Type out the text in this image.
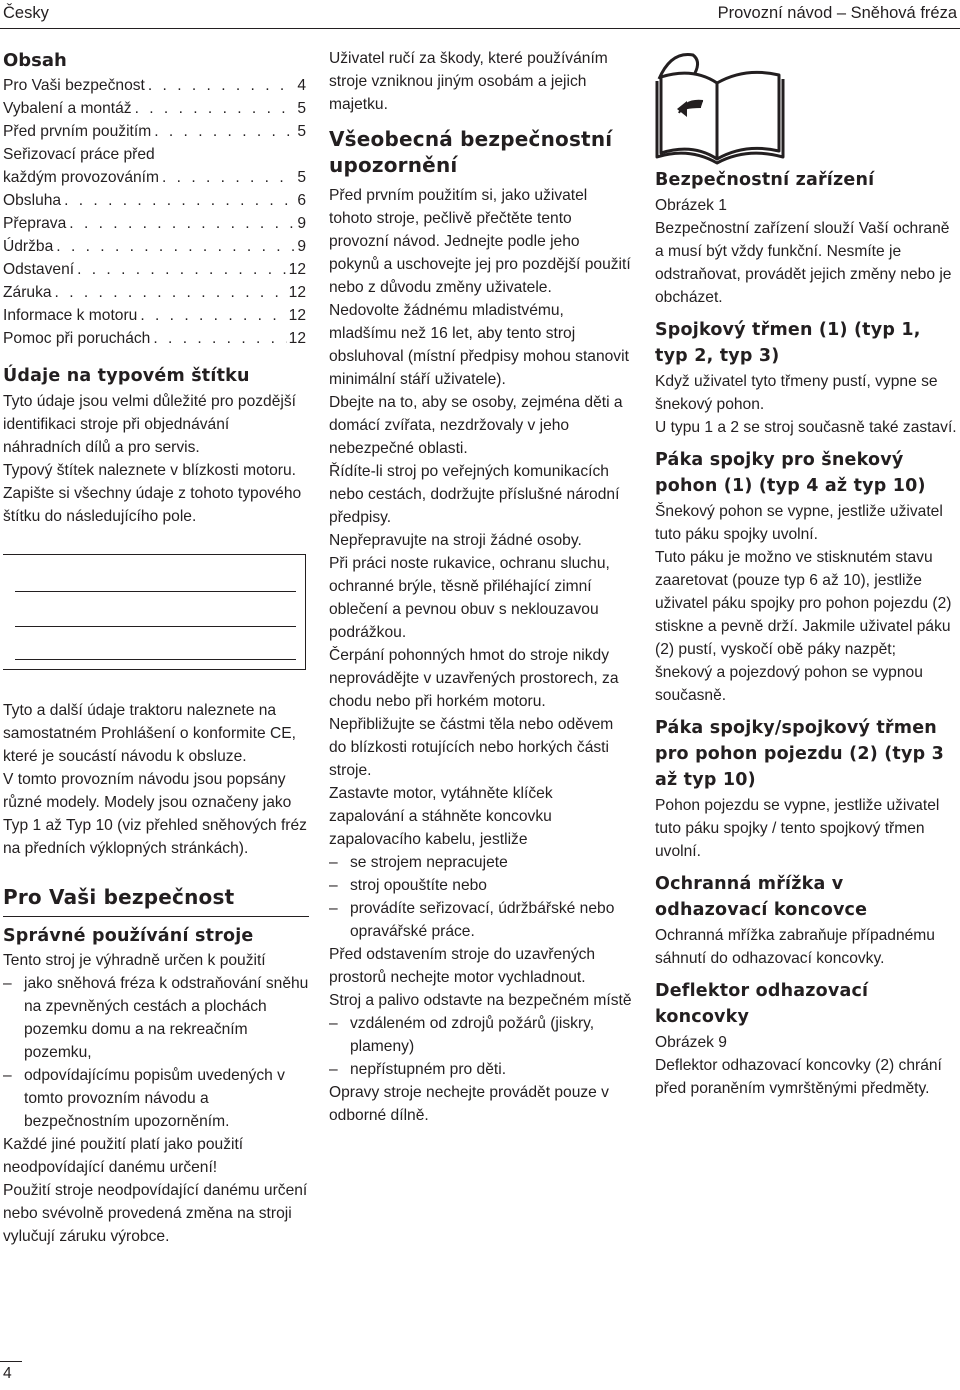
Česky	Provozní návod – Sněhová fréza
Obsah
Pro Vaši bezpečnost . . .	4
Vybalení a montáž . . .	5
Před prvním použitím . . .	5
Seřizovací práce před
každým provozováním . . .	5
Obsluha . . .	6
Přeprava . . .	9
Údržba . . .	9
Odstavení . . .	12
Záruka . . .	12
Informace k motoru . . .	12
Pomoc při poruchách . . .	12
Údaje na typovém štítku

Tyto údaje jsou velmi důležité pro pozdější identifikaci stroje při objednávání náhradních dílů a pro servis.

Typový štítek naleznete v blízkosti motoru.

Zapište si všechny údaje z tohoto typového štítku do následujícího pole.

Tyto a další údaje traktoru naleznete na samostatném Prohlášení o konformite CE, které je soucástí návodu k obsluze.

V tomto provozním návodu jsou popsány různé modely. Modely jsou označeny jako Typ 1 až Typ 10 (viz přehled sněhových fréz na předních výklopných stránkách).

Pro Vaši bezpečnost
Správné používání stroje

Tento stroj je výhradně určen k použití

– jako sněhová fréza k odstraňování sněhu na zpevněných cestách a plochách pozemku domu a na rekreačním pozemku,
– odpovídajícímu popisům uvedených v tomto provozním návodu a bezpečnostním upozorněním.

Každé jiné použití platí jako použití neodpovídající danému určení!

Použití stroje neodpovídající danému určení nebo svévolně provedená změna na stroji vylučují záruku výrobce.

Uživatel ručí za škody, které používáním stroje vzniknou jiným osobám a jejich majetku.

Všeobecná bezpečnostní upozornění

Před prvním použitím si, jako uživatel tohoto stroje, pečlivě přečtěte tento provozní návod. Jednejte podle jeho pokynů a uschovejte jej pro pozdější použití nebo z důvodu změny uživatele.

Nedovolte žádnému mladistvému, mladšímu než 16 let, aby tento stroj obsluhoval (místní předpisy mohou stanovit minimální stáří uživatele).

Dbejte na to, aby se osoby, zejména děti a domácí zvířata, nezdržovaly v jeho nebezpečné oblasti.

Řídíte-li stroj po veřejných komunikacích nebo cestách, dodržujte příslušné národní předpisy.

Nepřepravujte na stroji žádné osoby.

Při práci noste rukavice, ochranu sluchu, ochranné brýle, těsně přiléhající zimní oblečení a pevnou obuv s neklouzavou podrážkou.

Čerpání pohonných hmot do stroje nikdy neprovádějte v uzavřených prostorech, za chodu nebo při horkém motoru.

Nepřibližujte se částmi těla nebo oděvem do blízkosti rotujících nebo horkých části stroje.

Zastavte motor, vytáhněte klíček zapalování a stáhněte koncovku zapalovacího kabelu, jestliže

– se strojem nepracujete
– stroj opouštíte nebo
– provádíte seřizovací, údržbářské nebo opravářské práce.

Před odstavením stroje do uzavřených prostorů nechejte motor vychladnout.

Stroj a palivo odstavte na bezpečném místě

– vzdáleném od zdrojů požárů (jiskry, plameny)
– nepřístupném pro děti.

Opravy stroje nechejte provádět pouze v odborné dílně.

Bezpečnostní zařízení

Obrázek 1

Bezpečnostní zařízení slouží Vaší ochraně a musí být vždy funkční. Nesmíte je odstraňovat, provádět jejich změny nebo je obcházet.

Spojkový třmen (1) (typ 1, typ 2, typ 3)

Když uživatel tyto třmeny pustí, vypne se šnekový pohon.

U typu 1 a 2 se stroj současně také zastaví.

Páka spojky pro šnekový pohon (1) (typ 4 až typ 10)

Šnekový pohon se vypne, jestliže uživatel tuto páku spojky uvolní.

Tuto páku je možno ve stisknutém stavu zaaretovat (pouze typ 6 až 10), jestliže uživatel páku spojky pro pohon pojezdu (2) stiskne a pevně drží. Jakmile uživatel páku (2) pustí, vyskočí obě páky nazpět; šnekový a pojezdový pohon se vypnou současně.

Páka spojky/spojkový třmen pro pohon pojezdu (2) (typ 3 až typ 10)

Pohon pojezdu se vypne, jestliže uživatel tuto páku spojky / tento spojkový třmen uvolní.

Ochranná mřížka v odhazovací koncovce

Ochranná mřížka zabraňuje případnému sáhnutí do odhazovací koncovky.

Deflektor odhazovací koncovky

Obrázek 9

Deflektor odhazovací koncovky (2) chrání před poraněním vymrštěnými předměty.

4
